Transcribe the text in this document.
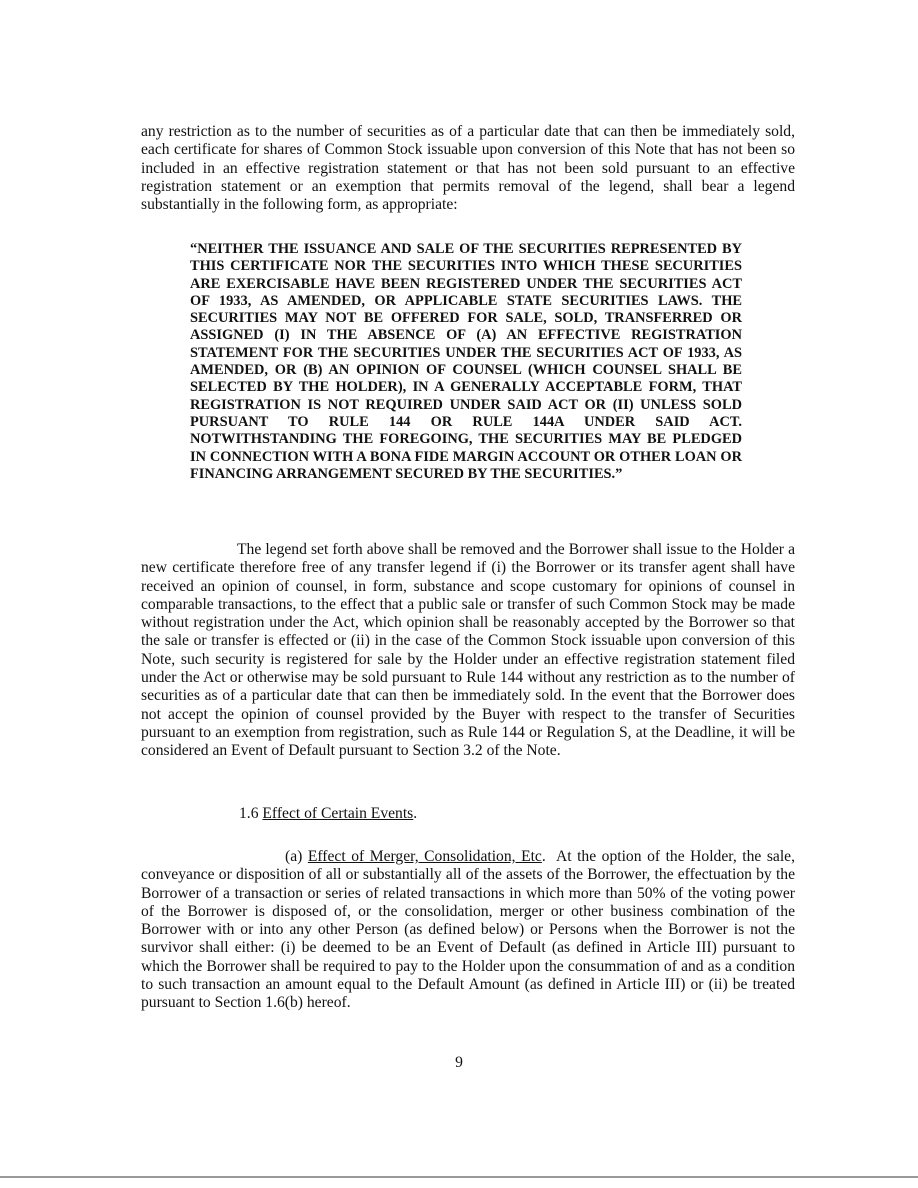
any restriction as to the number of securities as of a particular date that can then be immediately sold, each certificate for shares of Common Stock issuable upon conversion of this Note that has not been so included in an effective registration statement or that has not been sold pursuant to an effective registration statement or an exemption that permits removal of the legend, shall bear a legend substantially in the following form, as appropriate:

“NEITHER THE ISSUANCE AND SALE OF THE SECURITIES REPRESENTED BY THIS CERTIFICATE NOR THE SECURITIES INTO WHICH THESE SECURITIES ARE EXERCISABLE HAVE BEEN REGISTERED UNDER THE SECURITIES ACT OF 1933, AS AMENDED, OR APPLICABLE STATE SECURITIES LAWS. THE SECURITIES MAY NOT BE OFFERED FOR SALE, SOLD, TRANSFERRED OR ASSIGNED (I) IN THE ABSENCE OF (A) AN EFFECTIVE REGISTRATION STATEMENT FOR THE SECURITIES UNDER THE SECURITIES ACT OF 1933, AS AMENDED, OR (B) AN OPINION OF COUNSEL (WHICH COUNSEL SHALL BE SELECTED BY THE HOLDER), IN A GENERALLY ACCEPTABLE FORM, THAT REGISTRATION IS NOT REQUIRED UNDER SAID ACT OR (II) UNLESS SOLD PURSUANT TO RULE 144 OR RULE 144A UNDER SAID ACT. NOTWITHSTANDING THE FOREGOING, THE SECURITIES MAY BE PLEDGED IN CONNECTION WITH A BONA FIDE MARGIN ACCOUNT OR OTHER LOAN OR FINANCING ARRANGEMENT SECURED BY THE SECURITIES.”

The legend set forth above shall be removed and the Borrower shall issue to the Holder a new certificate therefore free of any transfer legend if (i) the Borrower or its transfer agent shall have received an opinion of counsel, in form, substance and scope customary for opinions of counsel in comparable transactions, to the effect that a public sale or transfer of such Common Stock may be made without registration under the Act, which opinion shall be reasonably accepted by the Borrower so that the sale or transfer is effected or (ii) in the case of the Common Stock issuable upon conversion of this Note, such security is registered for sale by the Holder under an effective registration statement filed under the Act or otherwise may be sold pursuant to Rule 144 without any restriction as to the number of securities as of a particular date that can then be immediately sold. In the event that the Borrower does not accept the opinion of counsel provided by the Buyer with respect to the transfer of Securities pursuant to an exemption from registration, such as Rule 144 or Regulation S, at the Deadline, it will be considered an Event of Default pursuant to Section 3.2 of the Note.

1.6 Effect of Certain Events.

(a) Effect of Merger, Consolidation, Etc.  At the option of the Holder, the sale, conveyance or disposition of all or substantially all of the assets of the Borrower, the effectuation by the Borrower of a transaction or series of related transactions in which more than 50% of the voting power of the Borrower is disposed of, or the consolidation, merger or other business combination of the Borrower with or into any other Person (as defined below) or Persons when the Borrower is not the survivor shall either: (i) be deemed to be an Event of Default (as defined in Article III) pursuant to which the Borrower shall be required to pay to the Holder upon the consummation of and as a condition to such transaction an amount equal to the Default Amount (as defined in Article III) or (ii) be treated pursuant to Section 1.6(b) hereof.

9
